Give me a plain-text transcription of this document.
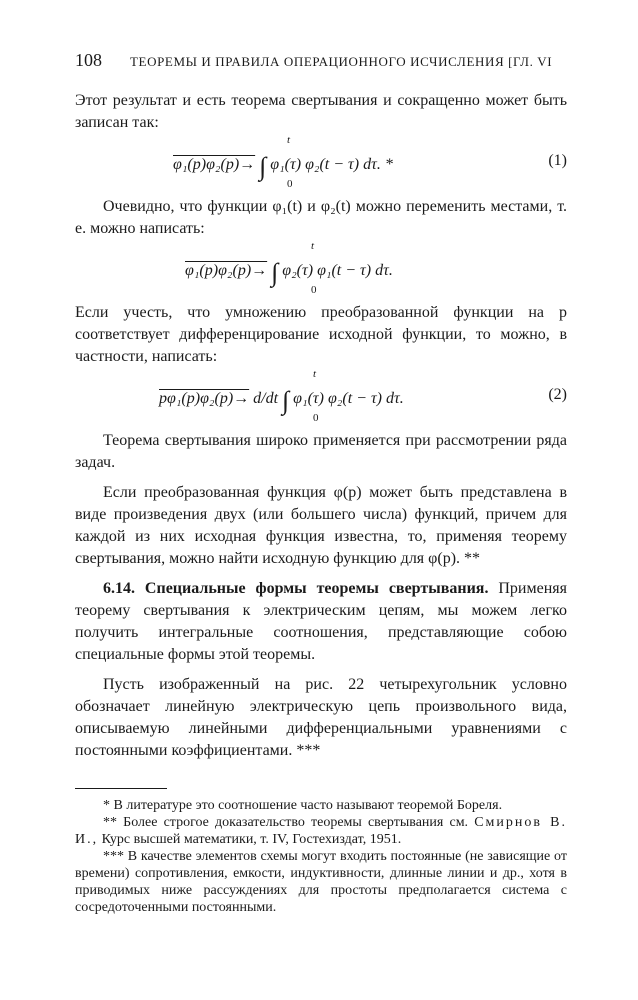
108 ТЕОРЕМЫ И ПРАВИЛА ОПЕРАЦИОННОГО ИСЧИСЛЕНИЯ [ГЛ. VI

Этот результат и есть теорема свертывания и сокращенно может быть записан так:

t
0
φ₁(p)φ₂(p)→ ∫ φ₁(τ) φ₂(t − τ) dτ. *	(1)

Очевидно, что функции φ₁(t) и φ₂(t) можно переменить местами, т. е. можно написать:

t
0
φ₁(p)φ₂(p)→ ∫ φ₂(τ) φ₁(t − τ) dτ.

Если учесть, что умножению преобразованной функции на p соответствует дифференцирование исходной функции, то можно, в частности, написать:

t
0
pφ₁(p)φ₂(p)→ d/dt ∫ φ₁(τ) φ₂(t − τ) dτ.	(2)

Теорема свертывания широко применяется при рассмотрении ряда задач.

Если преобразованная функция φ(p) может быть представлена в виде произведения двух (или большего числа) функций, причем для каждой из них исходная функция известна, то, применяя теорему свертывания, можно найти исходную функцию для φ(p). **

6.14. Специальные формы теоремы свертывания. Применяя теорему свертывания к электрическим цепям, мы можем легко получить интегральные соотношения, представляющие собою специальные формы этой теоремы.

Пусть изображенный на рис. 22 четырехугольник условно обозначает линейную электрическую цепь произвольного вида, описываемую линейными дифференциальными уравнениями с постоянными коэффициентами. ***

* В литературе это соотношение часто называют теоремой Бореля.

** Более строгое доказательство теоремы свертывания см. Смирнов В. И., Курс высшей математики, т. IV, Гостехиздат, 1951.

*** В качестве элементов схемы могут входить постоянные (не зависящие от времени) сопротивления, емкости, индуктивности, длинные линии и др., хотя в приводимых ниже рассуждениях для простоты предполагается система с сосредоточенными постоянными.
